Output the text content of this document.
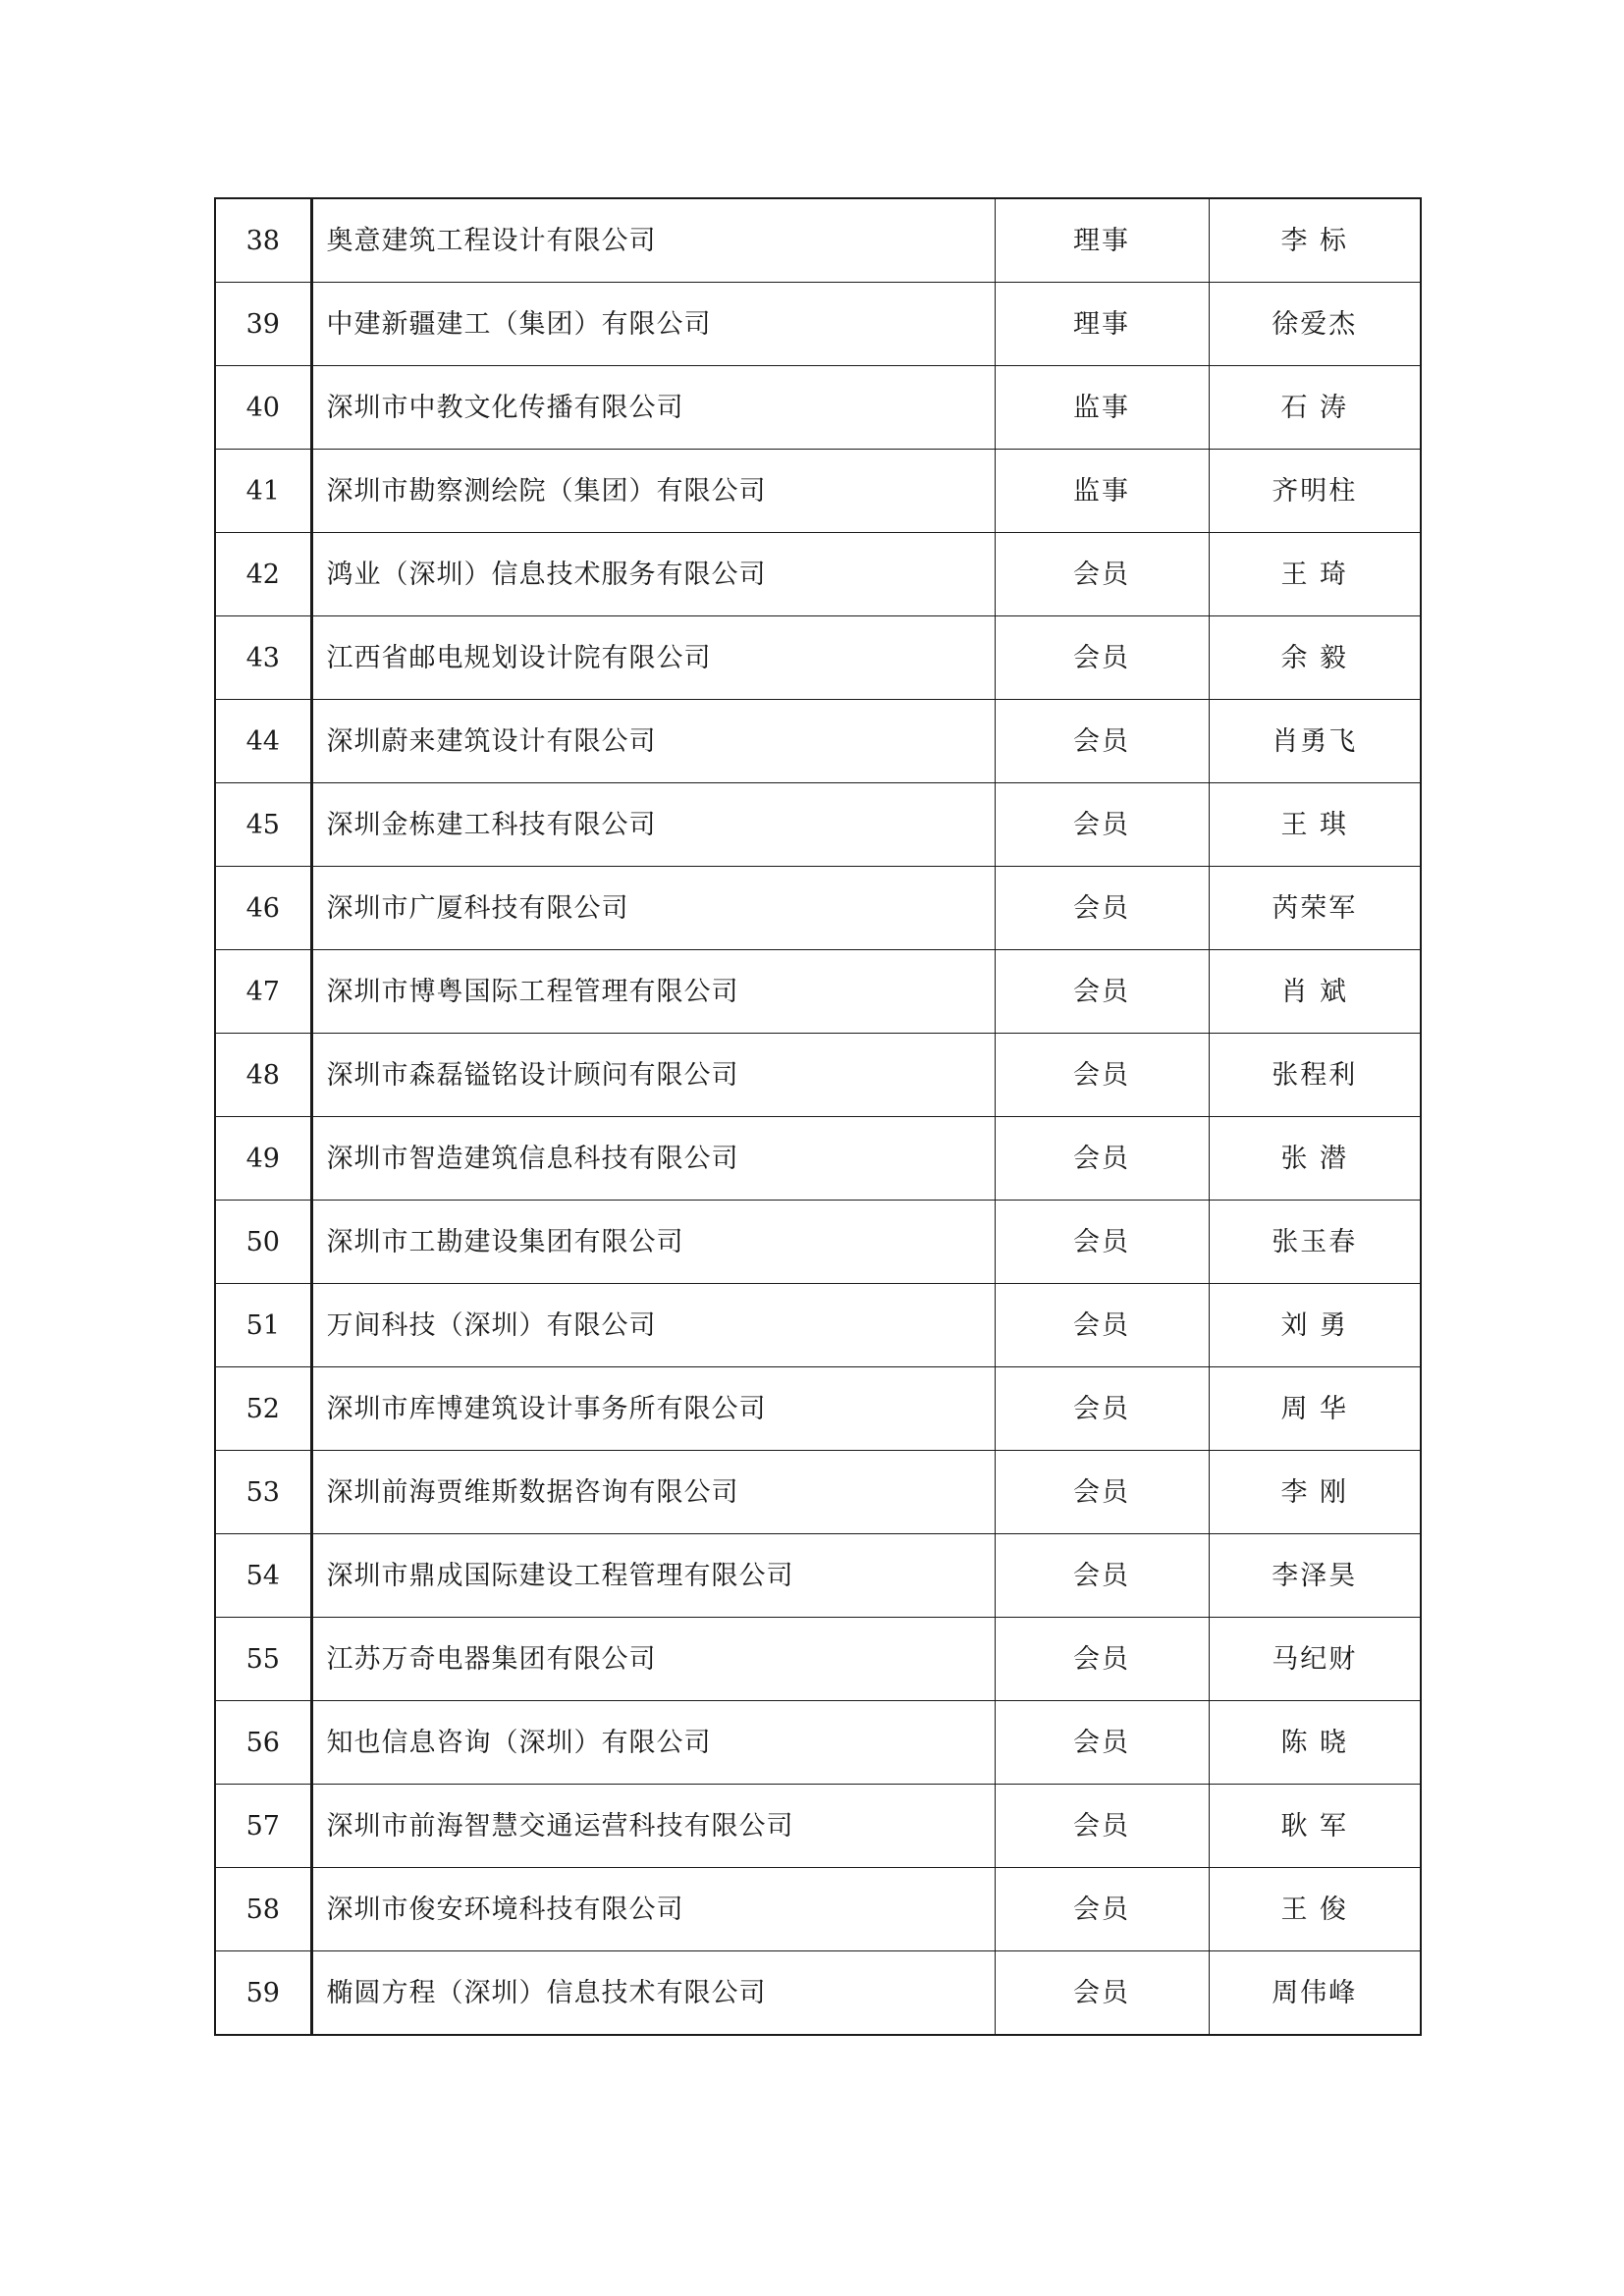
38	奥意建筑工程设计有限公司	理事	李 标
39	中建新疆建工（集团）有限公司	理事	徐爱杰
40	深圳市中教文化传播有限公司	监事	石 涛
41	深圳市勘察测绘院（集团）有限公司	监事	齐明柱
42	鸿业（深圳）信息技术服务有限公司	会员	王 琦
43	江西省邮电规划设计院有限公司	会员	余 毅
44	深圳蔚来建筑设计有限公司	会员	肖勇飞
45	深圳金栋建工科技有限公司	会员	王 琪
46	深圳市广厦科技有限公司	会员	芮荣军
47	深圳市博粤国际工程管理有限公司	会员	肖 斌
48	深圳市森磊镒铭设计顾问有限公司	会员	张程利
49	深圳市智造建筑信息科技有限公司	会员	张 潜
50	深圳市工勘建设集团有限公司	会员	张玉春
51	万间科技（深圳）有限公司	会员	刘 勇
52	深圳市库博建筑设计事务所有限公司	会员	周 华
53	深圳前海贾维斯数据咨询有限公司	会员	李 刚
54	深圳市鼎成国际建设工程管理有限公司	会员	李泽昊
55	江苏万奇电器集团有限公司	会员	马纪财
56	知也信息咨询（深圳）有限公司	会员	陈 晓
57	深圳市前海智慧交通运营科技有限公司	会员	耿 军
58	深圳市俊安环境科技有限公司	会员	王 俊
59	椭圆方程（深圳）信息技术有限公司	会员	周伟峰
